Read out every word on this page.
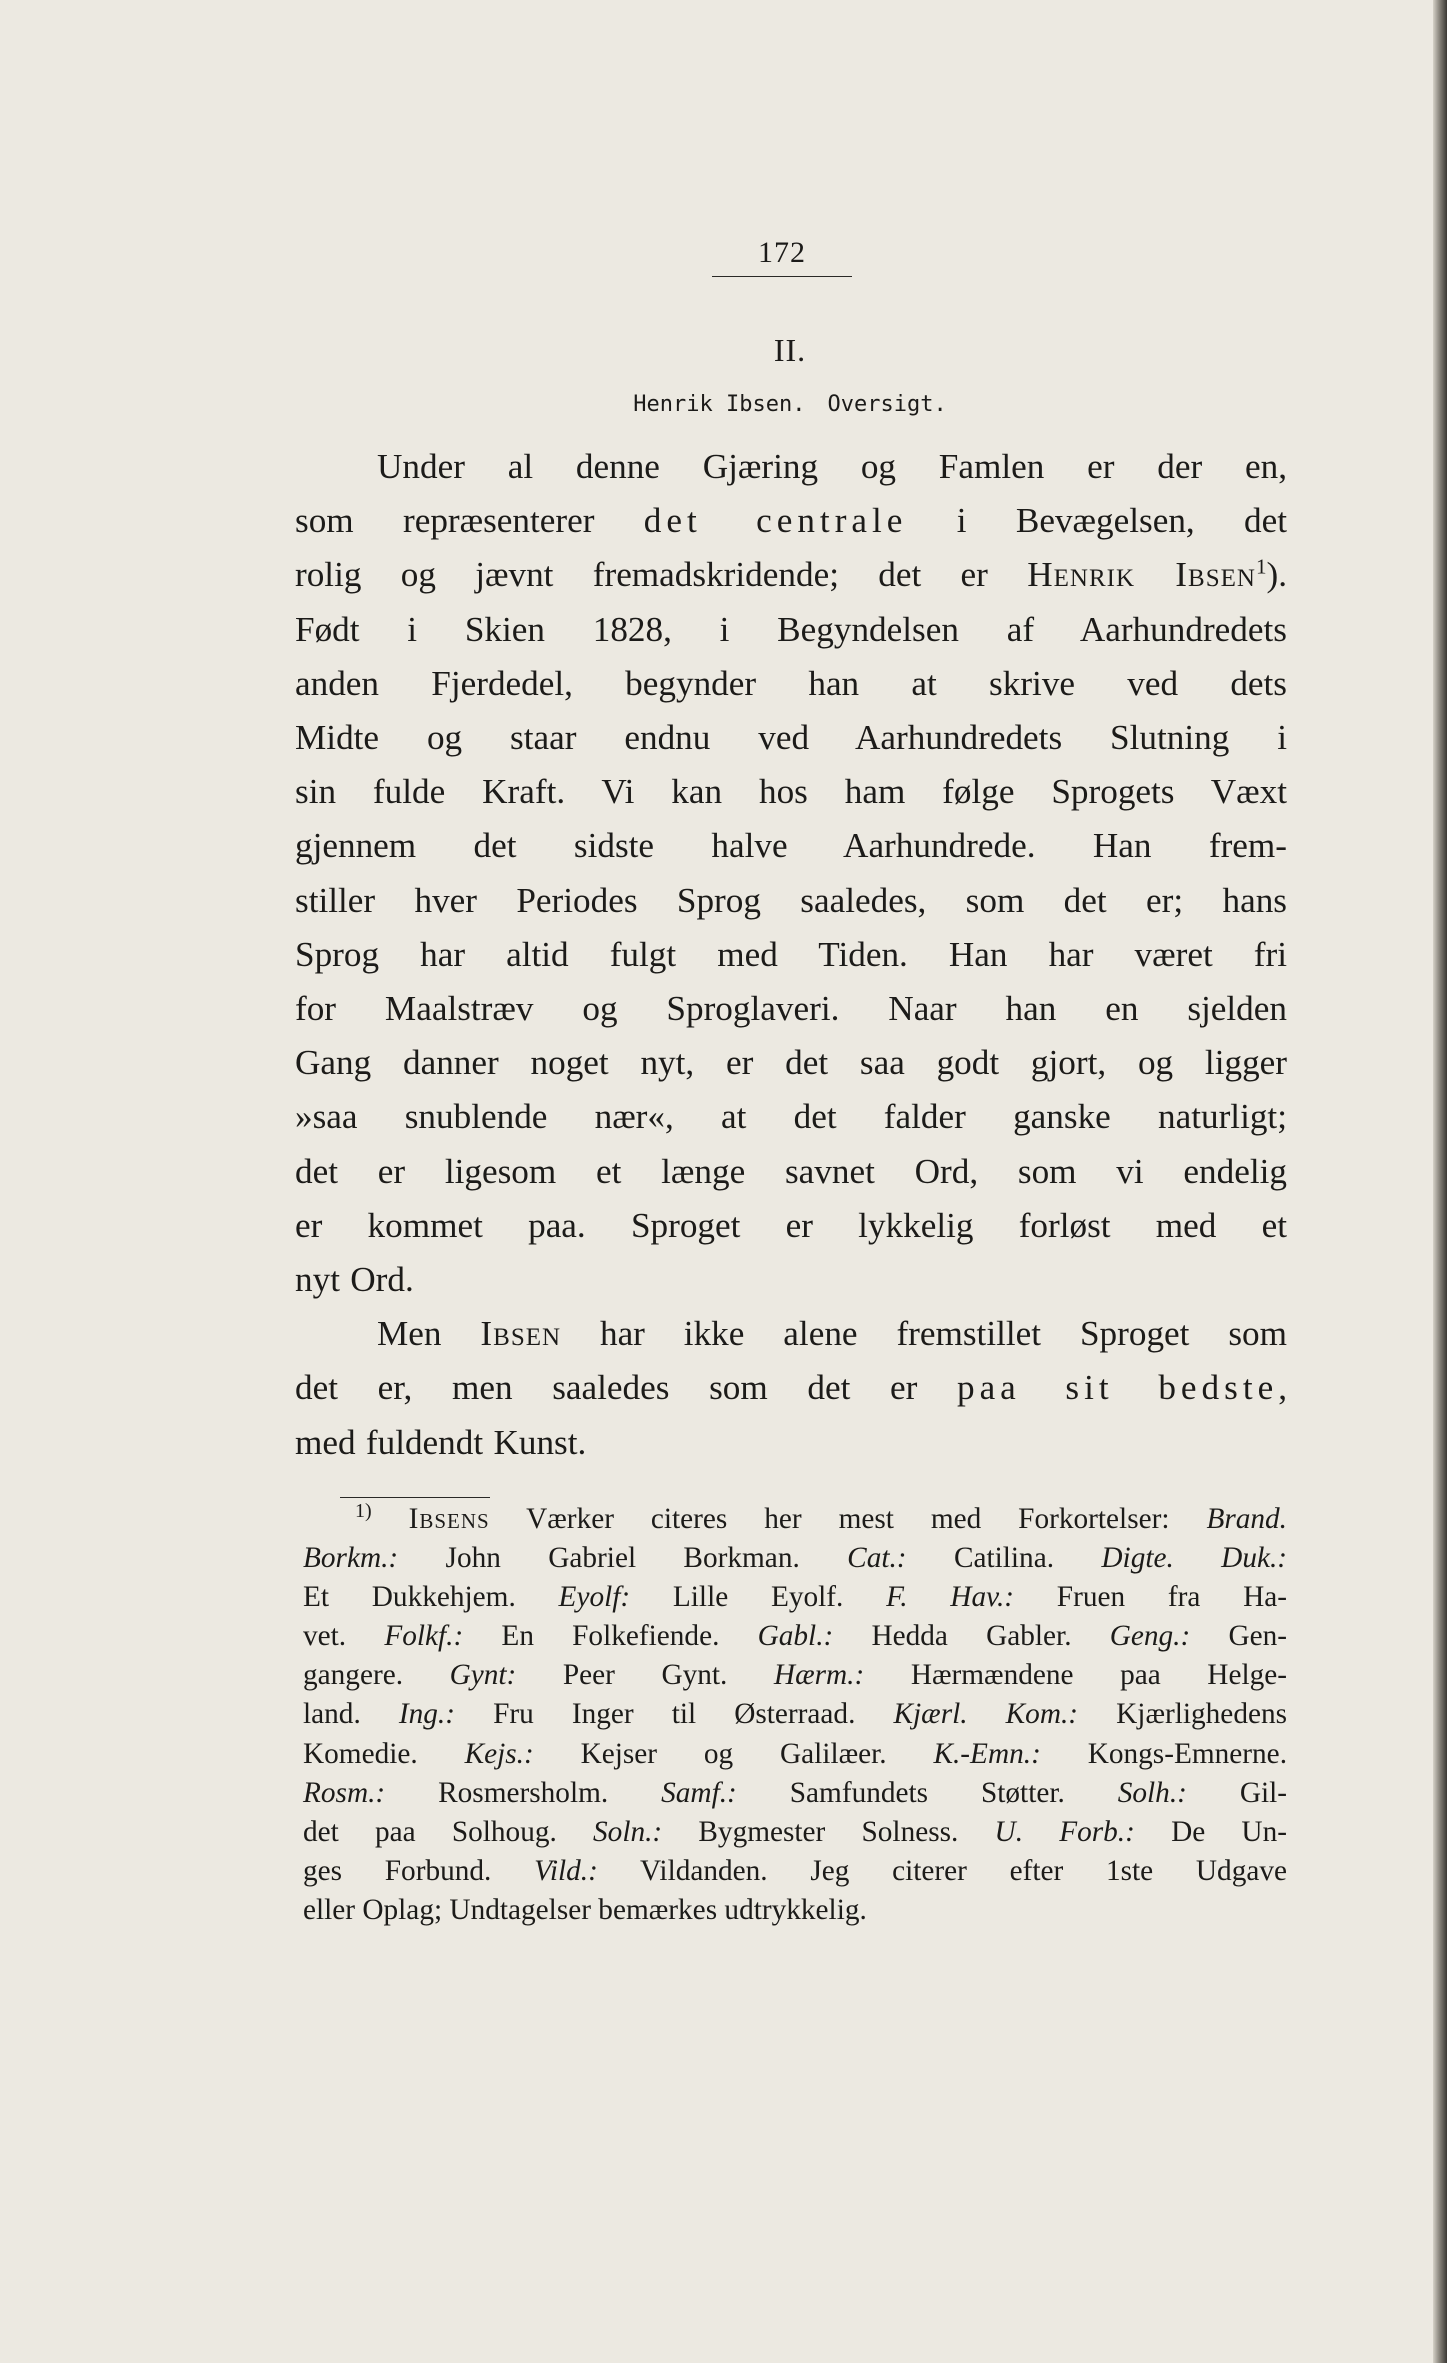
172
II.
Henrik Ibsen. Oversigt.
Under al denne Gjæring og Famlen er der en,
som repræsenterer det centrale i Bevægelsen, det
rolig og jævnt fremadskridende; det er Henrik Ibsen$^1$).
Født i Skien 1828, i Begyndelsen af Aarhundredets
anden Fjerdedel, begynder han at skrive ved dets
Midte og staar endnu ved Aarhundredets Slutning i
sin fulde Kraft. Vi kan hos ham følge Sprogets Væxt
gjennem det sidste halve Aarhundrede. Han frem-
stiller hver Periodes Sprog saaledes, som det er; hans
Sprog har altid fulgt med Tiden. Han har været fri
for Maalstræv og Sproglaveri. Naar han en sjelden
Gang danner noget nyt, er det saa godt gjort, og ligger
»saa snublende nær«, at det falder ganske naturligt;
det er ligesom et længe savnet Ord, som vi endelig
er kommet paa. Sproget er lykkelig forløst med et
nyt Ord.
Men Ibsen har ikke alene fremstillet Sproget som
det er, men saaledes som det er paa sit bedste,
med fuldendt Kunst.
$^{1)}$ Ibsens Værker citeres her mest med Forkortelser: Brand.
Borkm.: John Gabriel Borkman. Cat.: Catilina. Digte. Duk.:
Et Dukkehjem. Eyolf: Lille Eyolf. F. Hav.: Fruen fra Ha-
vet. Folkf.: En Folkefiende. Gabl.: Hedda Gabler. Geng.: Gen-
gangere. Gynt: Peer Gynt. Hærm.: Hærmændene paa Helge-
land. Ing.: Fru Inger til Østerraad. Kjærl. Kom.: Kjærlighedens
Komedie. Kejs.: Kejser og Galilæer. K.-Emn.: Kongs-Emnerne.
Rosm.: Rosmersholm. Samf.: Samfundets Støtter. Solh.: Gil-
det paa Solhoug. Soln.: Bygmester Solness. U. Forb.: De Un-
ges Forbund. Vild.: Vildanden. Jeg citerer efter 1ste Udgave
eller Oplag; Undtagelser bemærkes udtrykkelig.
